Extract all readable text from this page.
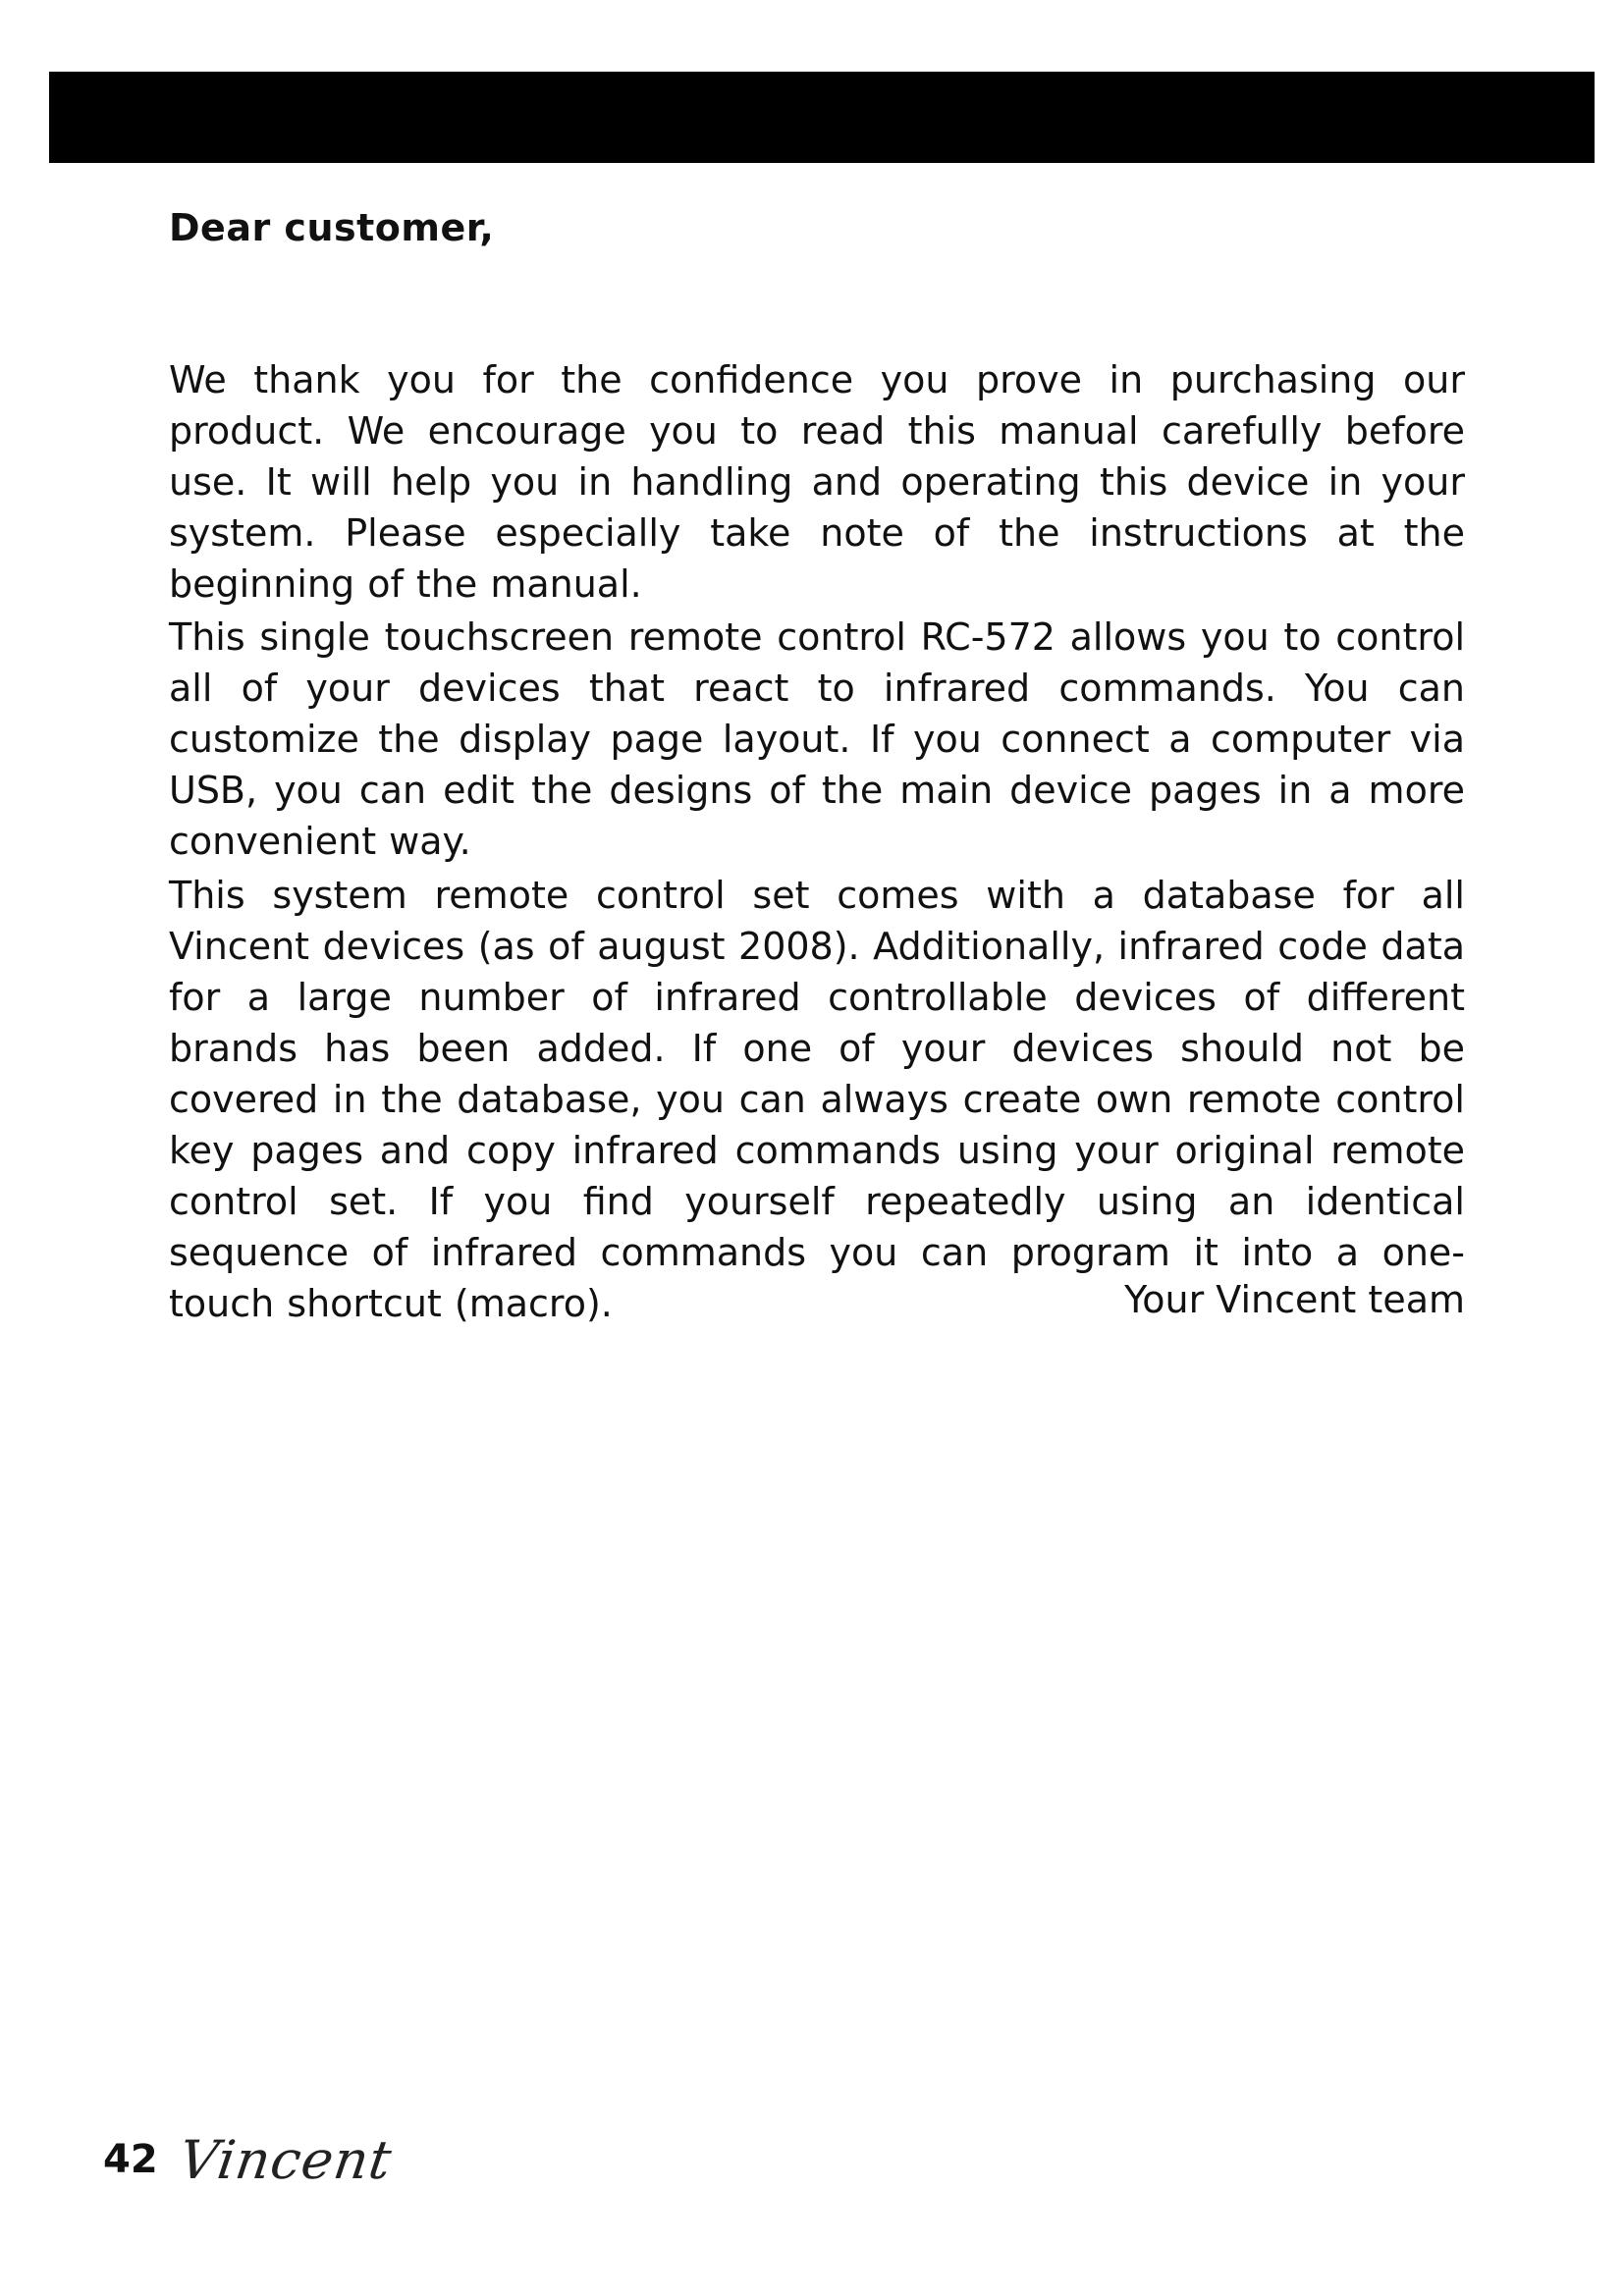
Dear customer,

We thank you for the confidence you prove in purchasing our product. We encourage you to read this manual carefully before use. It will help you in handling and operating this device in your system. Please especially take note of the instructions at the beginning of the manual.

This single touchscreen remote control RC-572 allows you to control all of your devices that react to infrared commands. You can customize the display page layout. If you connect a computer via USB, you can edit the designs of the main device pages in a more convenient way.

This system remote control set comes with a database for all Vincent devices (as of august 2008). Additionally, infrared code data for a large number of infrared controllable devices of different brands has been added. If one of your devices should not be covered in the database, you can always create own remote control key pages and copy infrared commands using your original remote control set. If you find yourself repeatedly using an identical sequence of infrared commands you can program it into a one-touch shortcut (macro).	Your Vincent team

42 Vincent
